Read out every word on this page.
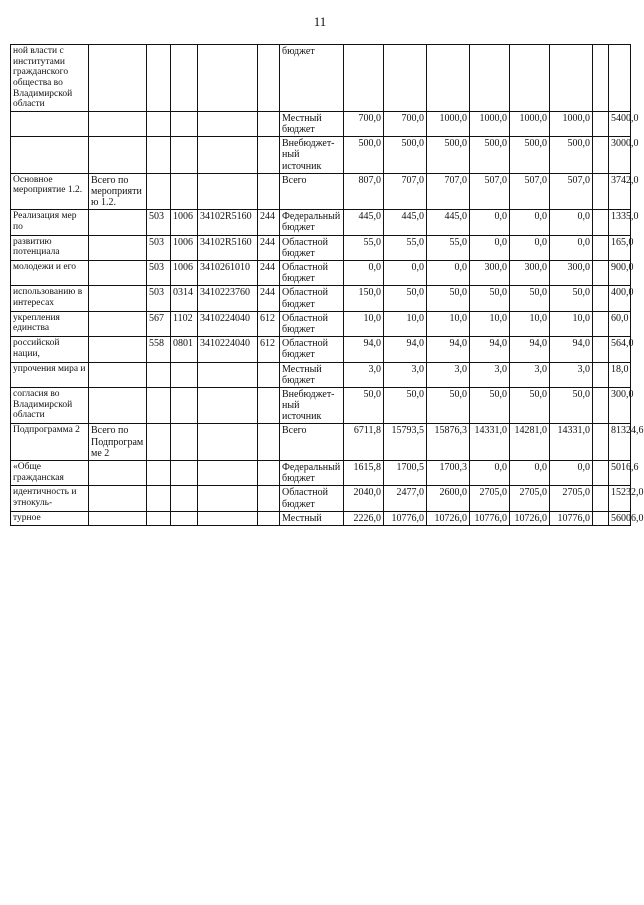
11
ной власти с институтами гражданского общества во Владимирской области						бюджет								
						Местный бюджет	700,0	700,0	1000,0	1000,0	1000,0	1000,0		5400,0
						Внебюджет-ный источник	500,0	500,0	500,0	500,0	500,0	500,0		3000,0
Основное мероприятие 1.2.	Всего по мероприятию 1.2.					Всего	807,0	707,0	707,0	507,0	507,0	507,0		3742,0
Реализация мер по		503	1006	34102R5160	244	Федеральный бюджет	445,0	445,0	445,0	0,0	0,0	0,0		1335,0
развитию потенциала		503	1006	34102R5160	244	Областной бюджет	55,0	55,0	55,0	0,0	0,0	0,0		165,0
молодежи и его		503	1006	3410261010	244	Областной бюджет	0,0	0,0	0,0	300,0	300,0	300,0		900,0
использованию в интересах		503	0314	3410223760	244	Областной бюджет	150,0	50,0	50,0	50,0	50,0	50,0		400,0
укрепления единства		567	1102	3410224040	612	Областной бюджет	10,0	10,0	10,0	10,0	10,0	10,0		60,0
российской нации,		558	0801	3410224040	612	Областной бюджет	94,0	94,0	94,0	94,0	94,0	94,0		564,0
упрочения мира и						Местный бюджет	3,0	3,0	3,0	3,0	3,0	3,0		18,0
согласия во Владимирской области						Внебюджет-ный источник	50,0	50,0	50,0	50,0	50,0	50,0		300,0
Подпрограмма 2	Всего по Подпрограмме 2					Всего	6711,8	15793,5	15876,3	14331,0	14281,0	14331,0		81324,6
«Обще гражданская						Федеральный бюджет	1615,8	1700,5	1700,3	0,0	0,0	0,0		5016,6
идентичность и этнокуль-						Областной бюджет	2040,0	2477,0	2600,0	2705,0	2705,0	2705,0		15232,0
турное						Местный	2226,0	10776,0	10726,0	10776,0	10726,0	10776,0		56006,0
